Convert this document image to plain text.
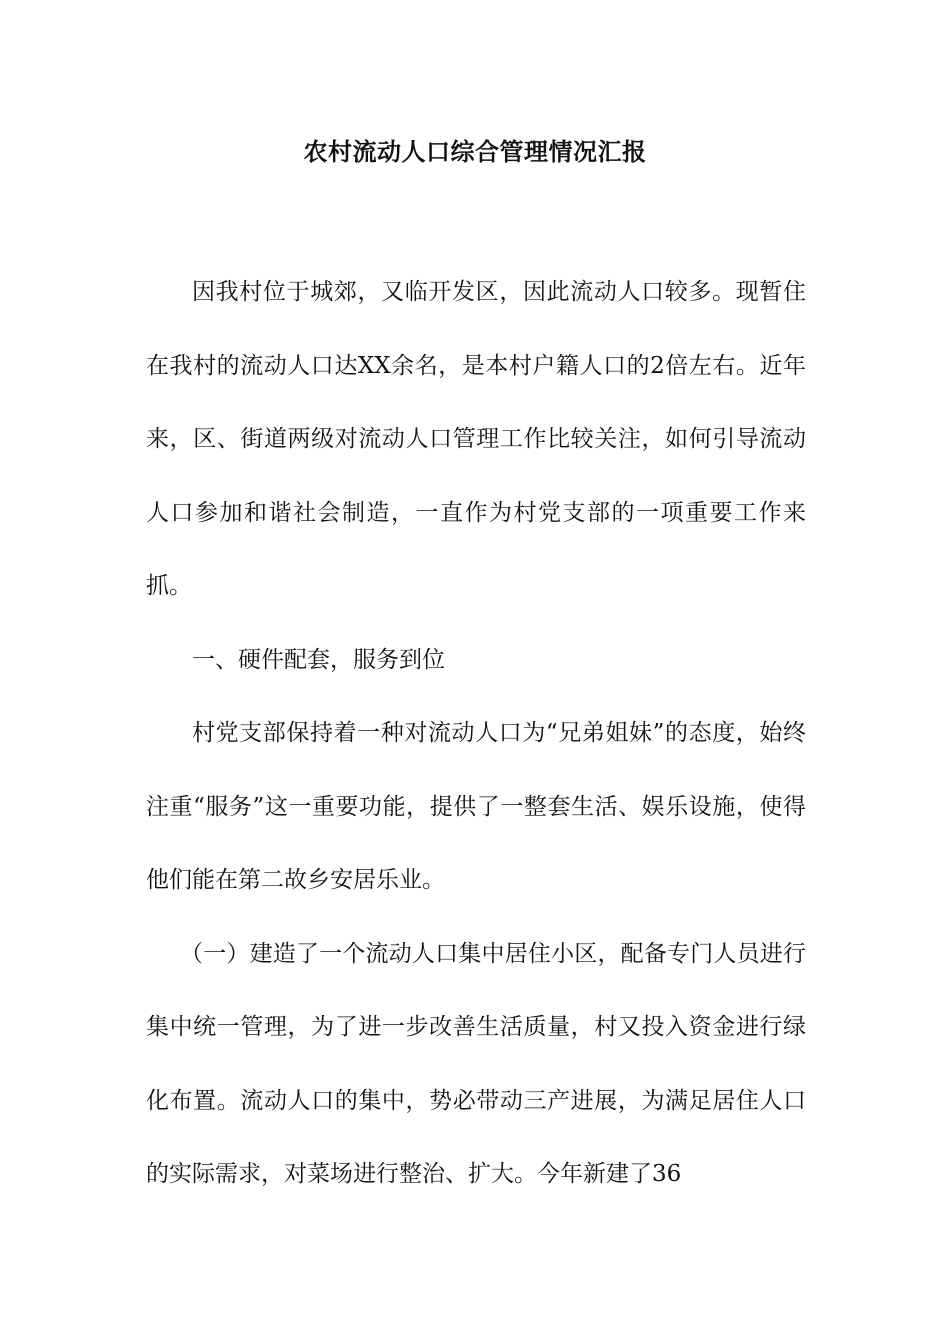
农村流动人口综合管理情况汇报

因我村位于城郊，又临开发区，因此流动人口较多。现暂住在我村的流动人口达XX余名，是本村户籍人口的2倍左右。近年来，区、街道两级对流动人口管理工作比较关注，如何引导流动人口参加和谐社会制造，一直作为村党支部的一项重要工作来抓。

一、硬件配套，服务到位

村党支部保持着一种对流动人口为“兄弟姐妹”的态度，始终注重“服务”这一重要功能，提供了一整套生活、娱乐设施，使得他们能在第二故乡安居乐业。

（一）建造了一个流动人口集中居住小区，配备专门人员进行集中统一管理，为了进一步改善生活质量，村又投入资金进行绿化布置。流动人口的集中，势必带动三产进展，为满足居住人口的实际需求，对菜场进行整治、扩大。今年新建了36
